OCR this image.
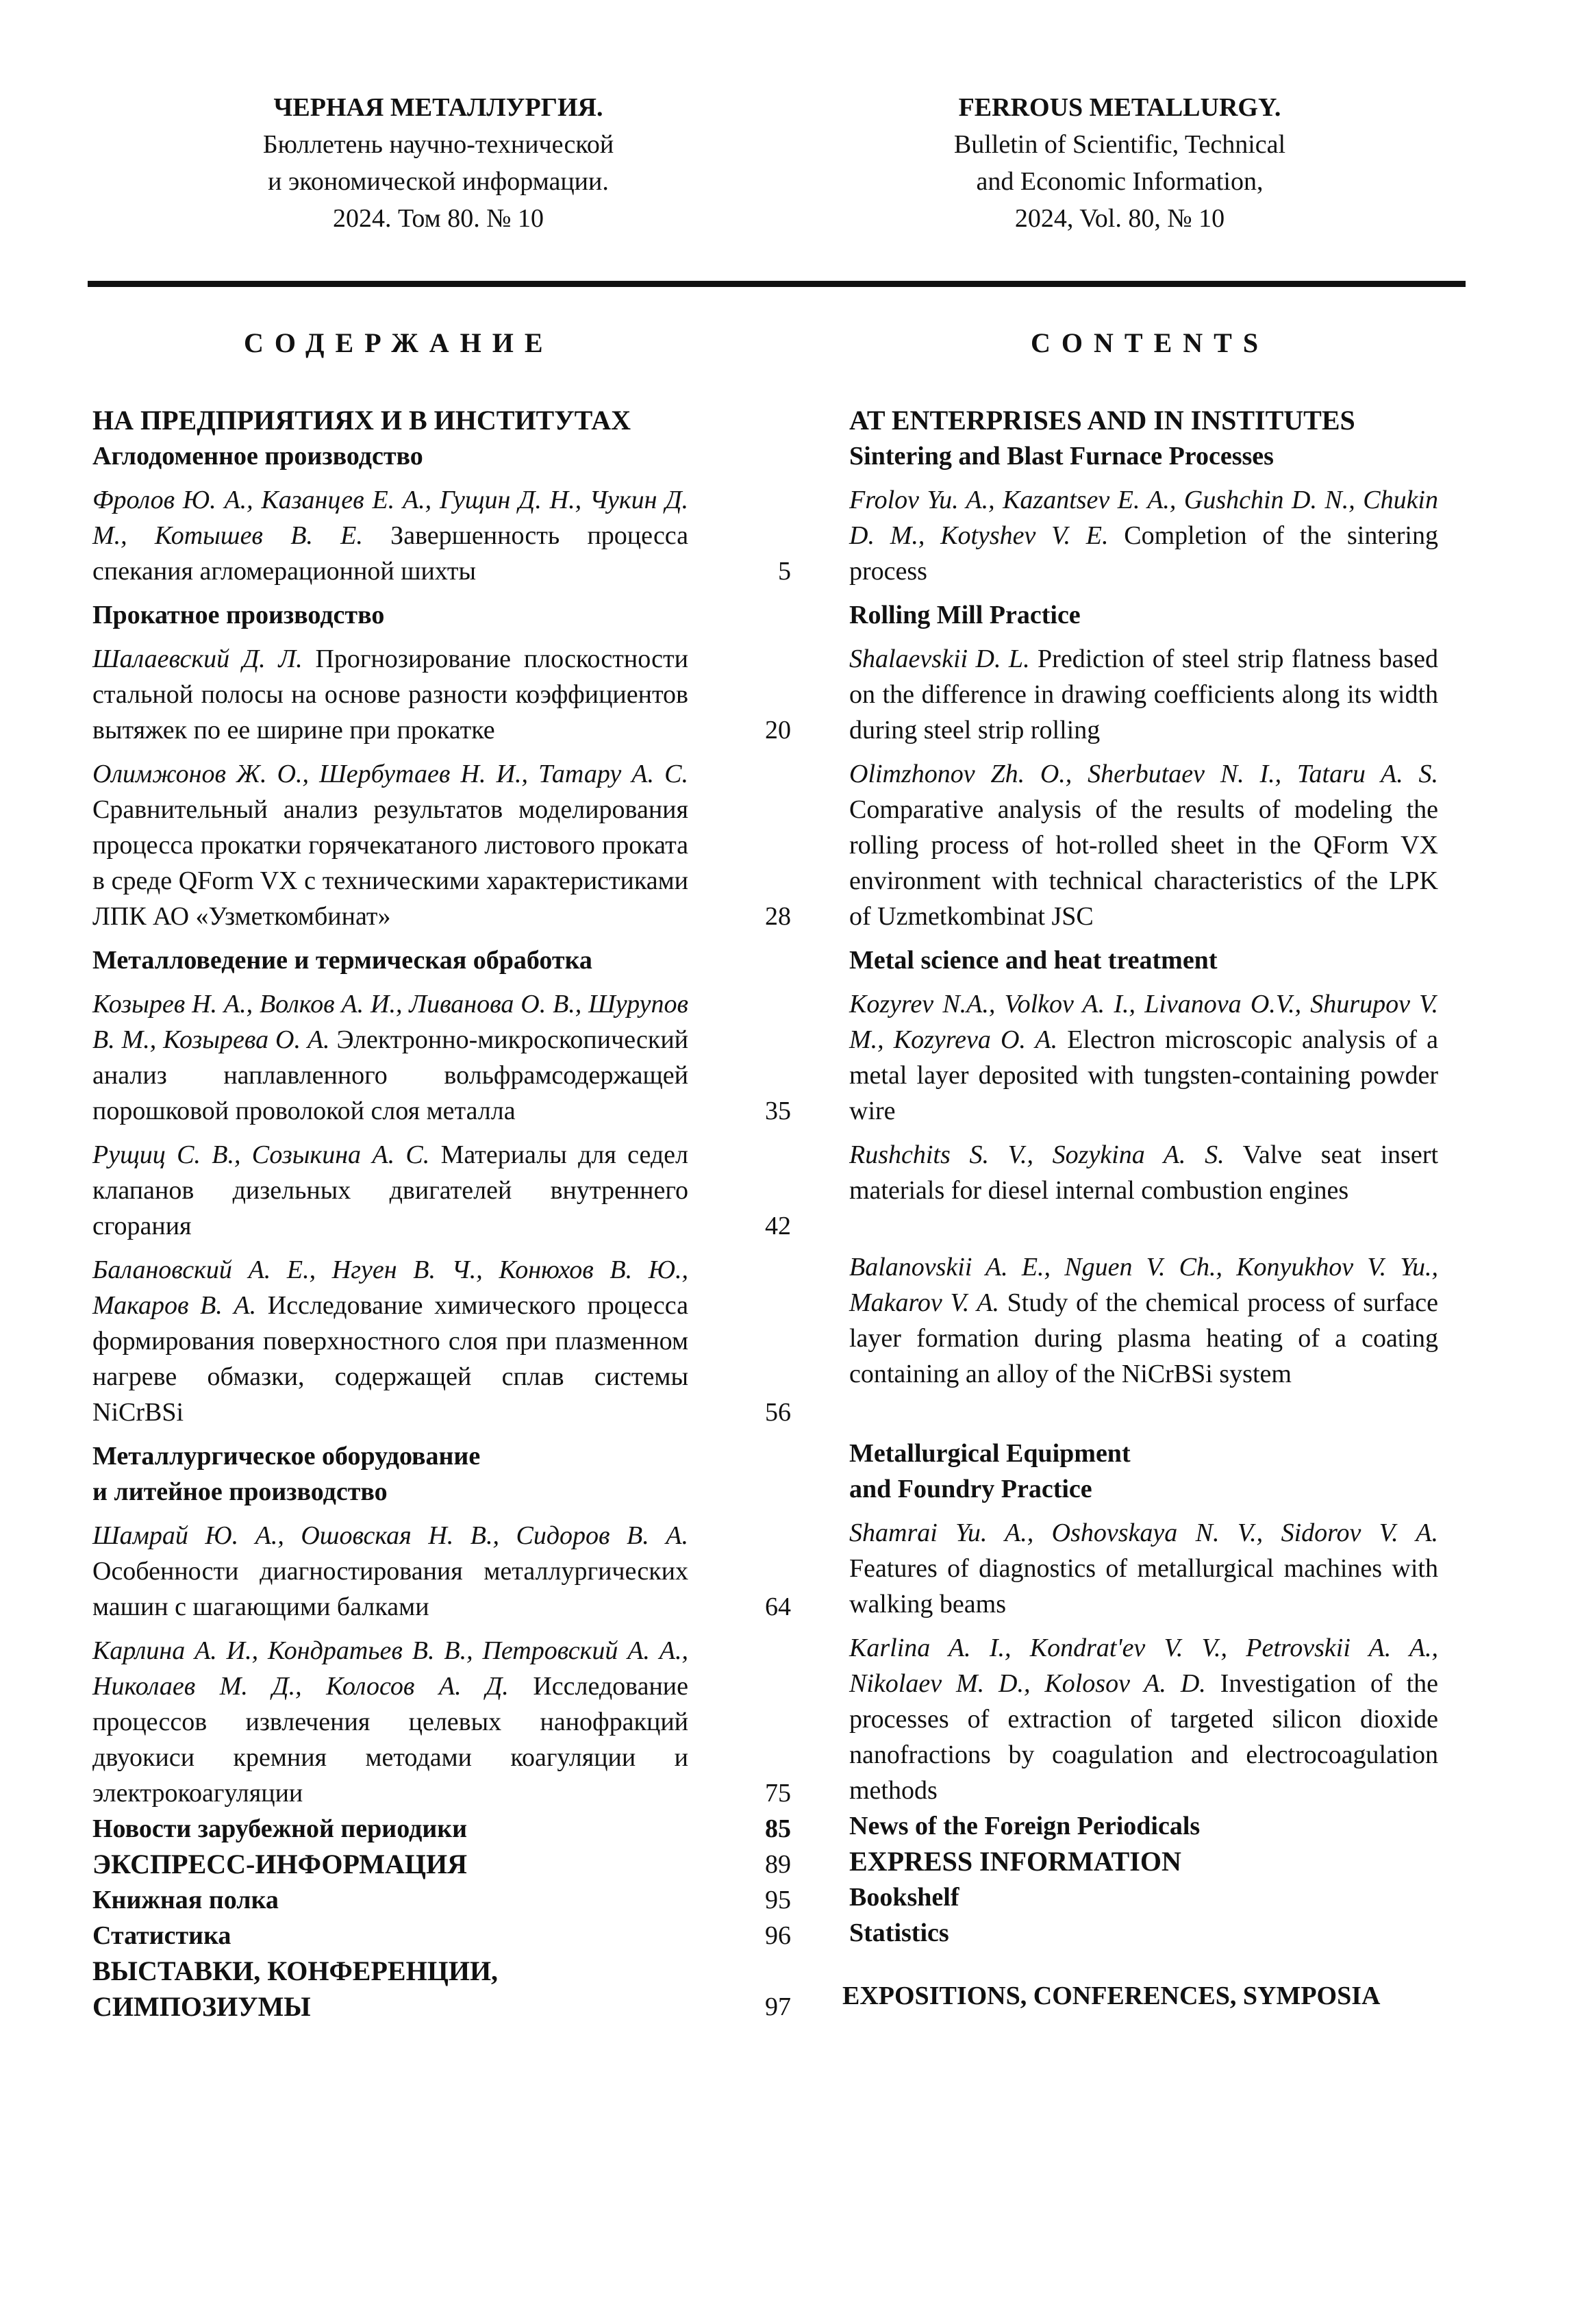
ЧЕРНАЯ МЕТАЛЛУРГИЯ.
Бюллетень научно-технической
и экономической информации.
2024. Том 80. № 10
FERROUS METALLURGY.
Bulletin of Scientific, Technical
and Economic Information,
2024, Vol. 80, № 10
СОДЕРЖАНИЕ	CONTENTS
НА ПРЕДПРИЯТИЯХ И В ИНСТИТУТАХ
Аглодоменное производство
Фролов Ю. А., Казанцев Е. А., Гущин Д. Н., Чукин Д. М., Котышев В. Е. Завершенность процесса спекания агломерационной шихты	5
Прокатное производство
Шалаевский Д. Л. Прогнозирование плоскостности стальной полосы на основе разности коэффициентов вытяжек по ее ширине при прокатке	20
Олимжонов Ж. О., Шербутаев Н. И., Татару А. С. Сравнительный анализ результатов моделирования процесса прокатки горячекатаного листового проката в среде QForm VX с техническими характеристиками ЛПК АО «Узметкомбинат»	28
Металловедение и термическая обработка
Козырев Н. А., Волков А. И., Ливанова О. В., Шурупов В. М., Козырева О. А. Электронно-микроскопический анализ наплавленного вольфрамсодержащей порошковой проволокой слоя металла	35
Рущиц С. В., Созыкина А. С. Материалы для седел клапанов дизельных двигателей внутреннего сгорания	42
Балановский А. Е., Нгуен В. Ч., Конюхов В. Ю., Макаров В. А. Исследование химического процесса формирования поверхностного слоя при плазменном нагреве обмазки, содержащей сплав системы NiCrBSi	56
Металлургическое оборудование
и литейное производство
Шамрай Ю. А., Ошовская Н. В., Сидоров В. А. Особенности диагностирования металлургических машин с шагающими балками	64
Карлина А. И., Кондратьев В. В., Петровский А. А., Николаев М. Д., Колосов А. Д. Исследование процессов извлечения целевых нанофракций двуокиси кремния методами коагуляции и электрокоагуляции	75
Новости зарубежной периодики	85
ЭКСПРЕСС-ИНФОРМАЦИЯ	89
Книжная полка	95
Статистика	96
ВЫСТАВКИ, КОНФЕРЕНЦИИ,
СИМПОЗИУМЫ	97
AT ENTERPRISES AND IN INSTITUTES
Sintering and Blast Furnace Processes
Frolov Yu. A., Kazantsev E. A., Gushchin D. N., Chukin D. M., Kotyshev V. E. Completion of the sintering process
Rolling Mill Practice
Shalaevskii D. L. Prediction of steel strip flatness based on the difference in drawing coefficients along its width during steel strip rolling
Olimzhonov Zh. O., Sherbutaev N. I., Tataru A. S. Comparative analysis of the results of modeling the rolling process of hot-rolled sheet in the QForm VX environment with technical characteristics of the LPK of Uzmetkombinat JSC
Metal science and heat treatment
Kozyrev N.A., Volkov A. I., Livanova O.V., Shurupov V. M., Kozyreva O. A. Electron microscopic analysis of a metal layer deposited with tungsten-containing powder wire
Rushchits S. V., Sozykina A. S. Valve seat insert materials for diesel internal combustion engines
Balanovskii A. E., Nguen V. Ch., Konyukhov V. Yu., Makarov V. A. Study of the chemical process of surface layer formation during plasma heating of a coating containing an alloy of the NiCrBSi system
Metallurgical Equipment
and Foundry Practice
Shamrai Yu. A., Oshovskaya N. V., Sidorov V. A. Features of diagnostics of metallurgical machines with walking beams
Karlina A. I., Kondrat'ev V. V., Petrovskii A. A., Nikolaev M. D., Kolosov A. D. Investigation of the processes of extraction of targeted silicon dioxide nanofractions by coagulation and electrocoagulation methods
News of the Foreign Periodicals
EXPRESS INFORMATION
Bookshelf
Statistics
EXPOSITIONS, CONFERENCES, SYMPOSIA
